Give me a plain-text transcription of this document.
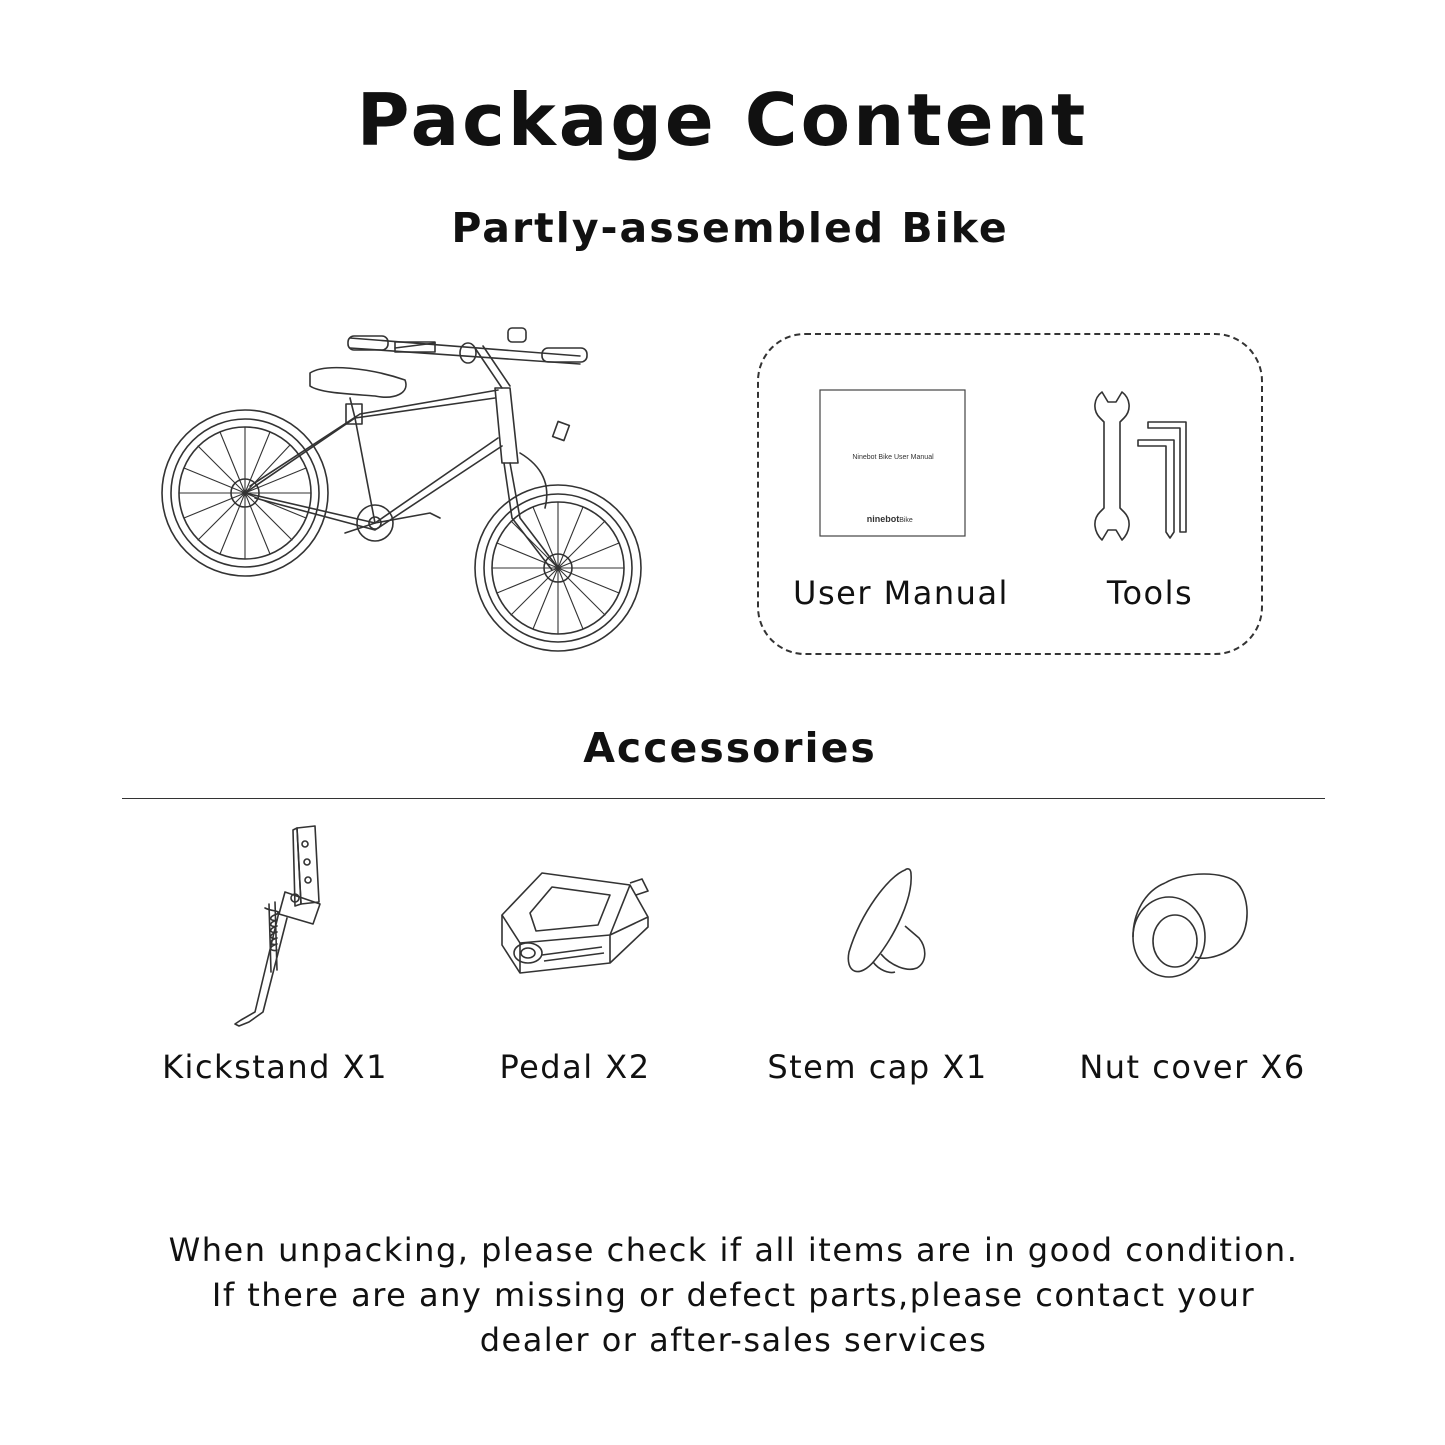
Package Content
Partly-assembled Bike
Ninebot Bike User Manual
ninebot Bike
User Manual	Tools
Accessories
Kickstand X1	Pedal X2	Stem cap X1	Nut cover X6
When unpacking, please check if all items are in good condition.
If there are any missing or defect parts,please contact your
dealer or after-sales services
